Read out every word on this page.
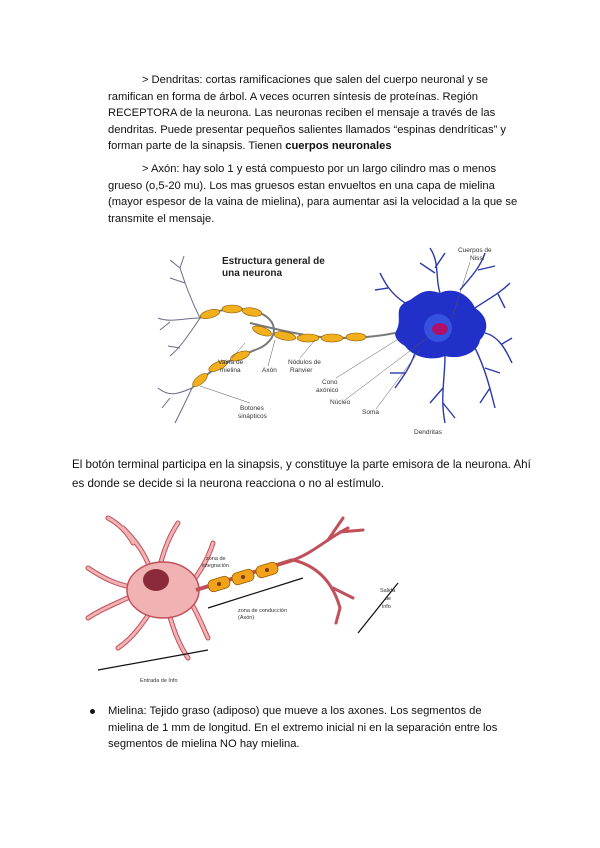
> Dendritas: cortas ramificaciones que salen del cuerpo neuronal y se ramifican en forma de árbol. A veces ocurren síntesis de proteínas. Región RECEPTORA de la neurona. Las neuronas reciben el mensaje a través de las dendritas. Puede presentar pequeños salientes llamados “espinas dendríticas” y forman parte de la sinapsis. Tienen cuerpos neuronales
> Axón: hay solo 1 y está compuesto por un largo cilindro mas o menos grueso (o,5-20 mu). Los mas gruesos estan envueltos en una capa de mielina (mayor espesor de la vaina de mielina), para aumentar asi la velocidad a la que se transmite el mensaje.
Estructura general de
una neurona
Cuerpos de
Nissl
Vaina de
mielina	Axón
Nódulos de
Ranvier
Cono
axónico
Núcleo
Soma
Dendritas
Botones
sinápticos
El botón terminal participa en la sinapsis, y constituye la parte emisora de la neurona. Ahí es donde se decide si la neurona reacciona o no al estímulo.
zona de
integración
zona de conducción
(Axón)
Salida
de
info
Entrada de Info
Mielina: Tejido graso (adiposo) que mueve a los axones. Los segmentos de mielina de 1 mm de longitud. En el extremo inicial ni en la separación entre los segmentos de mielina NO hay mielina.
